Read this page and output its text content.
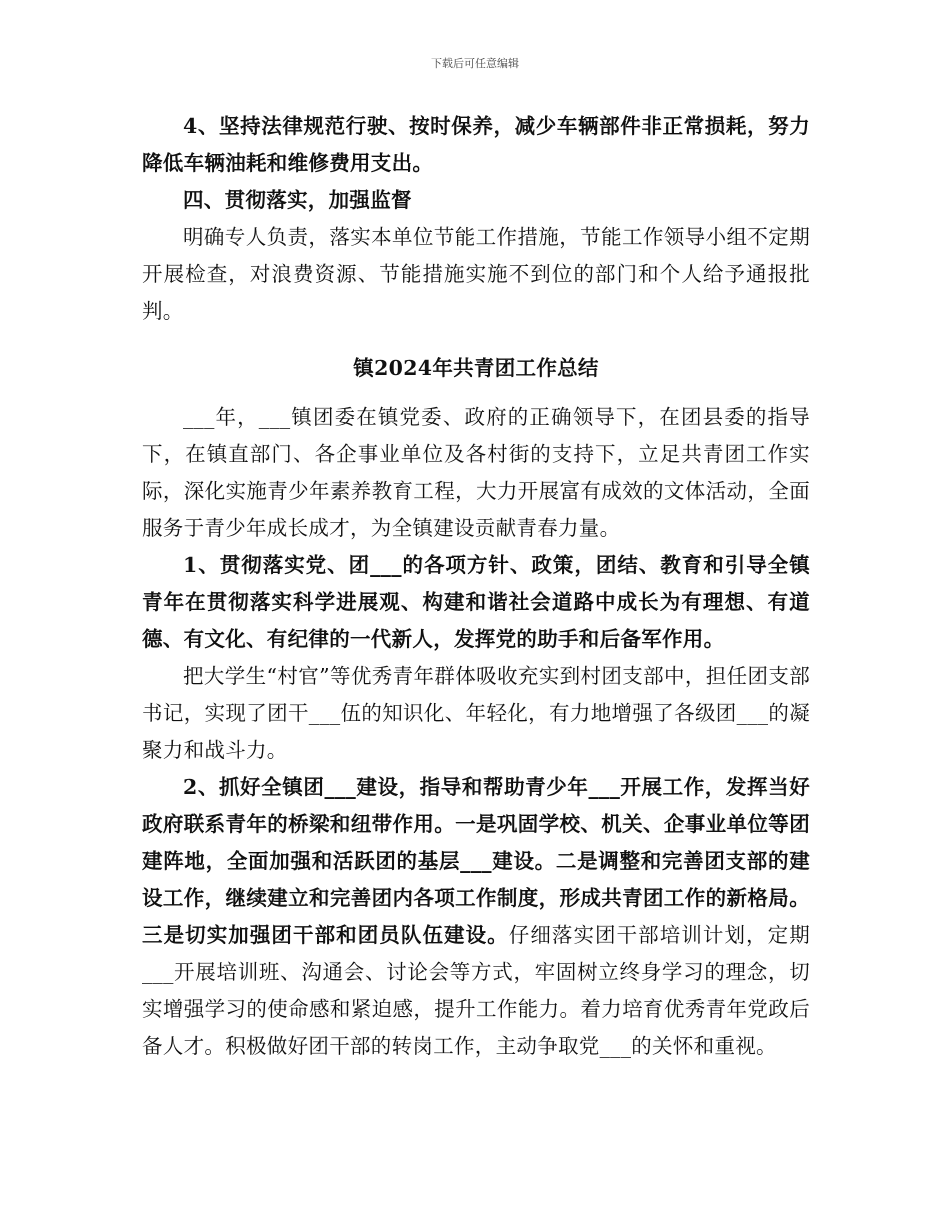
下载后可任意编辑

4、坚持法律规范行驶、按时保养，减少车辆部件非正常损耗，努力降低车辆油耗和维修费用支出。

四、贯彻落实，加强监督

明确专人负责，落实本单位节能工作措施，节能工作领导小组不定期开展检查，对浪费资源、节能措施实施不到位的部门和个人给予通报批判。

镇2024年共青团工作总结

___年，___镇团委在镇党委、政府的正确领导下，在团县委的指导下，在镇直部门、各企事业单位及各村街的支持下，立足共青团工作实际，深化实施青少年素养教育工程，大力开展富有成效的文体活动，全面服务于青少年成长成才，为全镇建设贡献青春力量。

1、贯彻落实党、团___的各项方针、政策，团结、教育和引导全镇青年在贯彻落实科学进展观、构建和谐社会道路中成长为有理想、有道德、有文化、有纪律的一代新人，发挥党的助手和后备军作用。

把大学生“村官”等优秀青年群体吸收充实到村团支部中，担任团支部书记，实现了团干___伍的知识化、年轻化，有力地增强了各级团___的凝聚力和战斗力。

2、抓好全镇团___建设，指导和帮助青少年___开展工作，发挥当好政府联系青年的桥梁和纽带作用。一是巩固学校、机关、企事业单位等团建阵地，全面加强和活跃团的基层___建设。二是调整和完善团支部的建设工作，继续建立和完善团内各项工作制度，形成共青团工作的新格局。三是切实加强团干部和团员队伍建设。仔细落实团干部培训计划，定期___开展培训班、沟通会、讨论会等方式，牢固树立终身学习的理念，切实增强学习的使命感和紧迫感，提升工作能力。着力培育优秀青年党政后备人才。积极做好团干部的转岗工作，主动争取党___的关怀和重视。
